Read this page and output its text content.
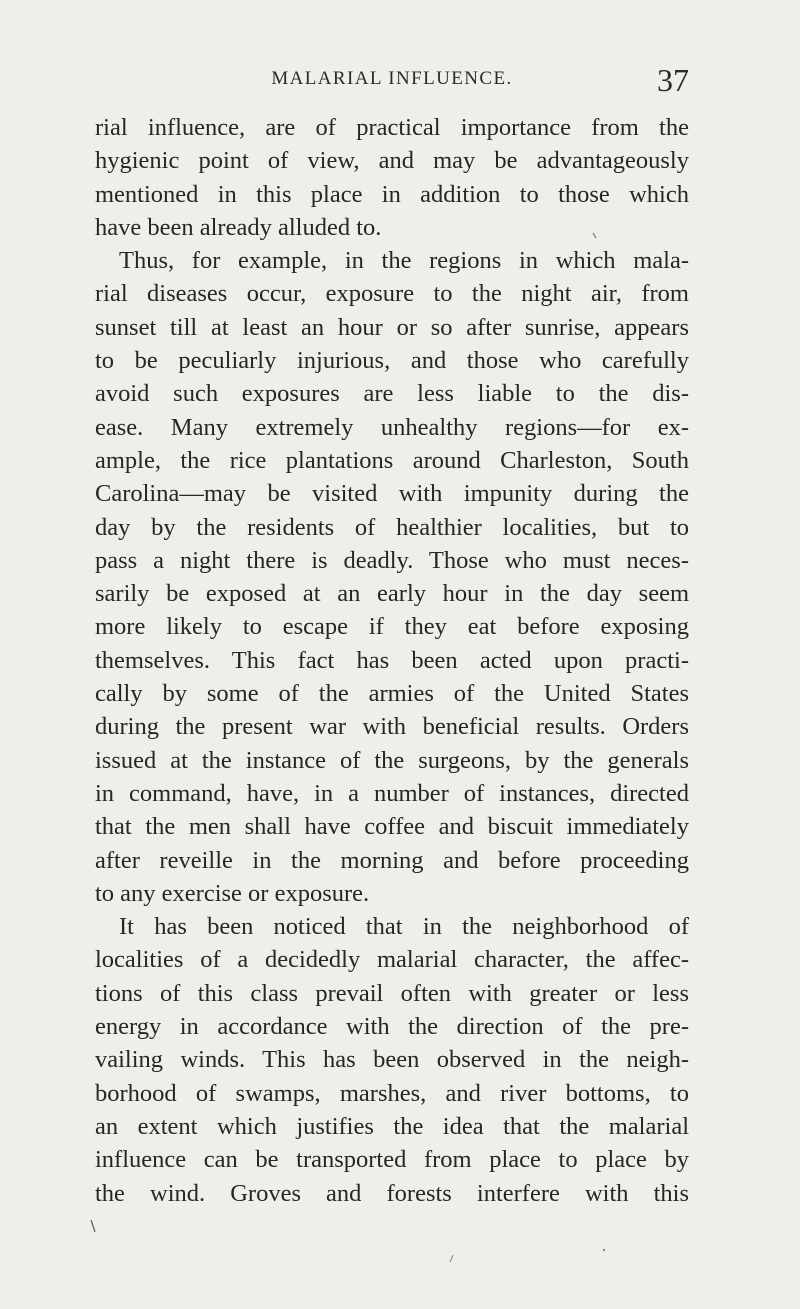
MALARIAL INFLUENCE.	37
rial influence, are of practical importance from the
hygienic point of view, and may be advantageously
mentioned in this place in addition to those which
have been already alluded to.
Thus, for example, in the regions in which mala-
rial diseases occur, exposure to the night air, from
sunset till at least an hour or so after sunrise, appears
to be peculiarly injurious, and those who carefully
avoid such exposures are less liable to the dis-
ease. Many extremely unhealthy regions—for ex-
ample, the rice plantations around Charleston, South
Carolina—may be visited with impunity during the
day by the residents of healthier localities, but to
pass a night there is deadly. Those who must neces-
sarily be exposed at an early hour in the day seem
more likely to escape if they eat before exposing
themselves. This fact has been acted upon practi-
cally by some of the armies of the United States
during the present war with beneficial results. Orders
issued at the instance of the surgeons, by the generals
in command, have, in a number of instances, directed
that the men shall have coffee and biscuit immediately
after reveille in the morning and before proceeding
to any exercise or exposure.
It has been noticed that in the neighborhood of
localities of a decidedly malarial character, the affec-
tions of this class prevail often with greater or less
energy in accordance with the direction of the pre-
vailing winds. This has been observed in the neigh-
borhood of swamps, marshes, and river bottoms, to
an extent which justifies the idea that the malarial
influence can be transported from place to place by
the wind. Groves and forests interfere with this
